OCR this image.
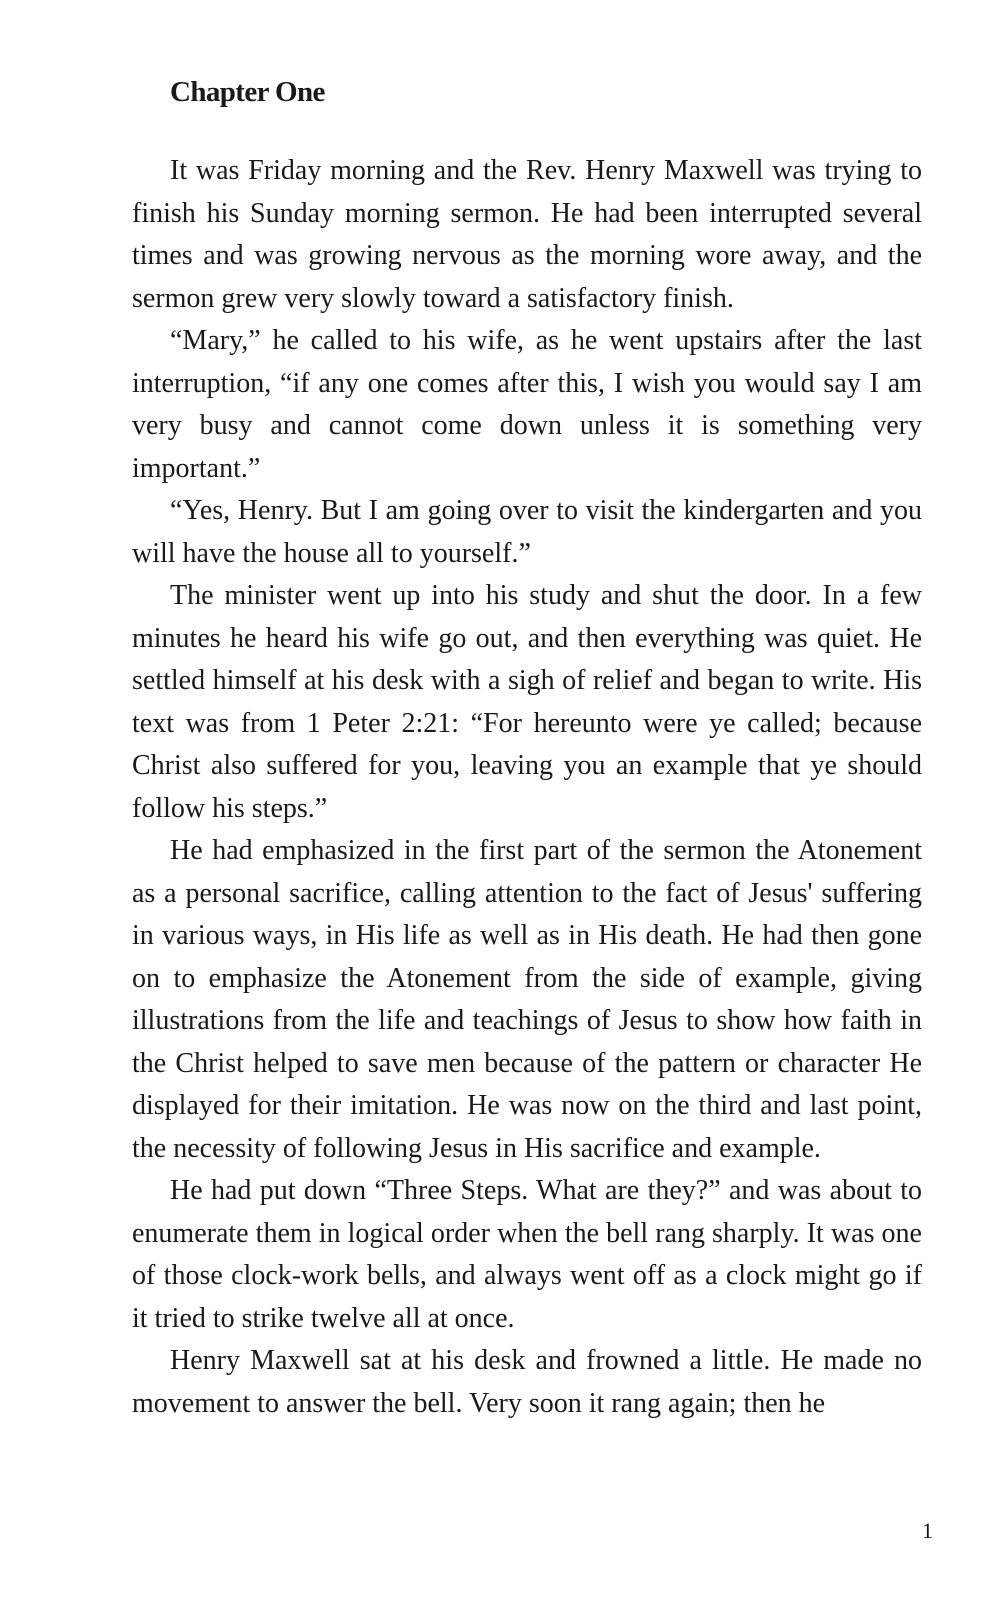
Chapter One

It was Friday morning and the Rev. Henry Maxwell was trying to finish his Sunday morning sermon. He had been interrupted several times and was growing nervous as the morning wore away, and the sermon grew very slowly toward a satisfactory finish.

“Mary,” he called to his wife, as he went upstairs after the last interruption, “if any one comes after this, I wish you would say I am very busy and cannot come down unless it is something very important.”

“Yes, Henry. But I am going over to visit the kindergarten and you will have the house all to yourself.”

The minister went up into his study and shut the door. In a few minutes he heard his wife go out, and then everything was quiet. He settled himself at his desk with a sigh of relief and began to write. His text was from 1 Peter 2:21: “For hereunto were ye called; because Christ also suffered for you, leaving you an example that ye should follow his steps.”

He had emphasized in the first part of the sermon the Atonement as a personal sacrifice, calling attention to the fact of Jesus' suffering in various ways, in His life as well as in His death. He had then gone on to emphasize the Atonement from the side of example, giving illustrations from the life and teachings of Jesus to show how faith in the Christ helped to save men because of the pattern or character He displayed for their imitation. He was now on the third and last point, the necessity of following Jesus in His sacrifice and example.

He had put down “Three Steps. What are they?” and was about to enumerate them in logical order when the bell rang sharply. It was one of those clock-work bells, and always went off as a clock might go if it tried to strike twelve all at once.

Henry Maxwell sat at his desk and frowned a little. He made no movement to answer the bell. Very soon it rang again; then he

1
